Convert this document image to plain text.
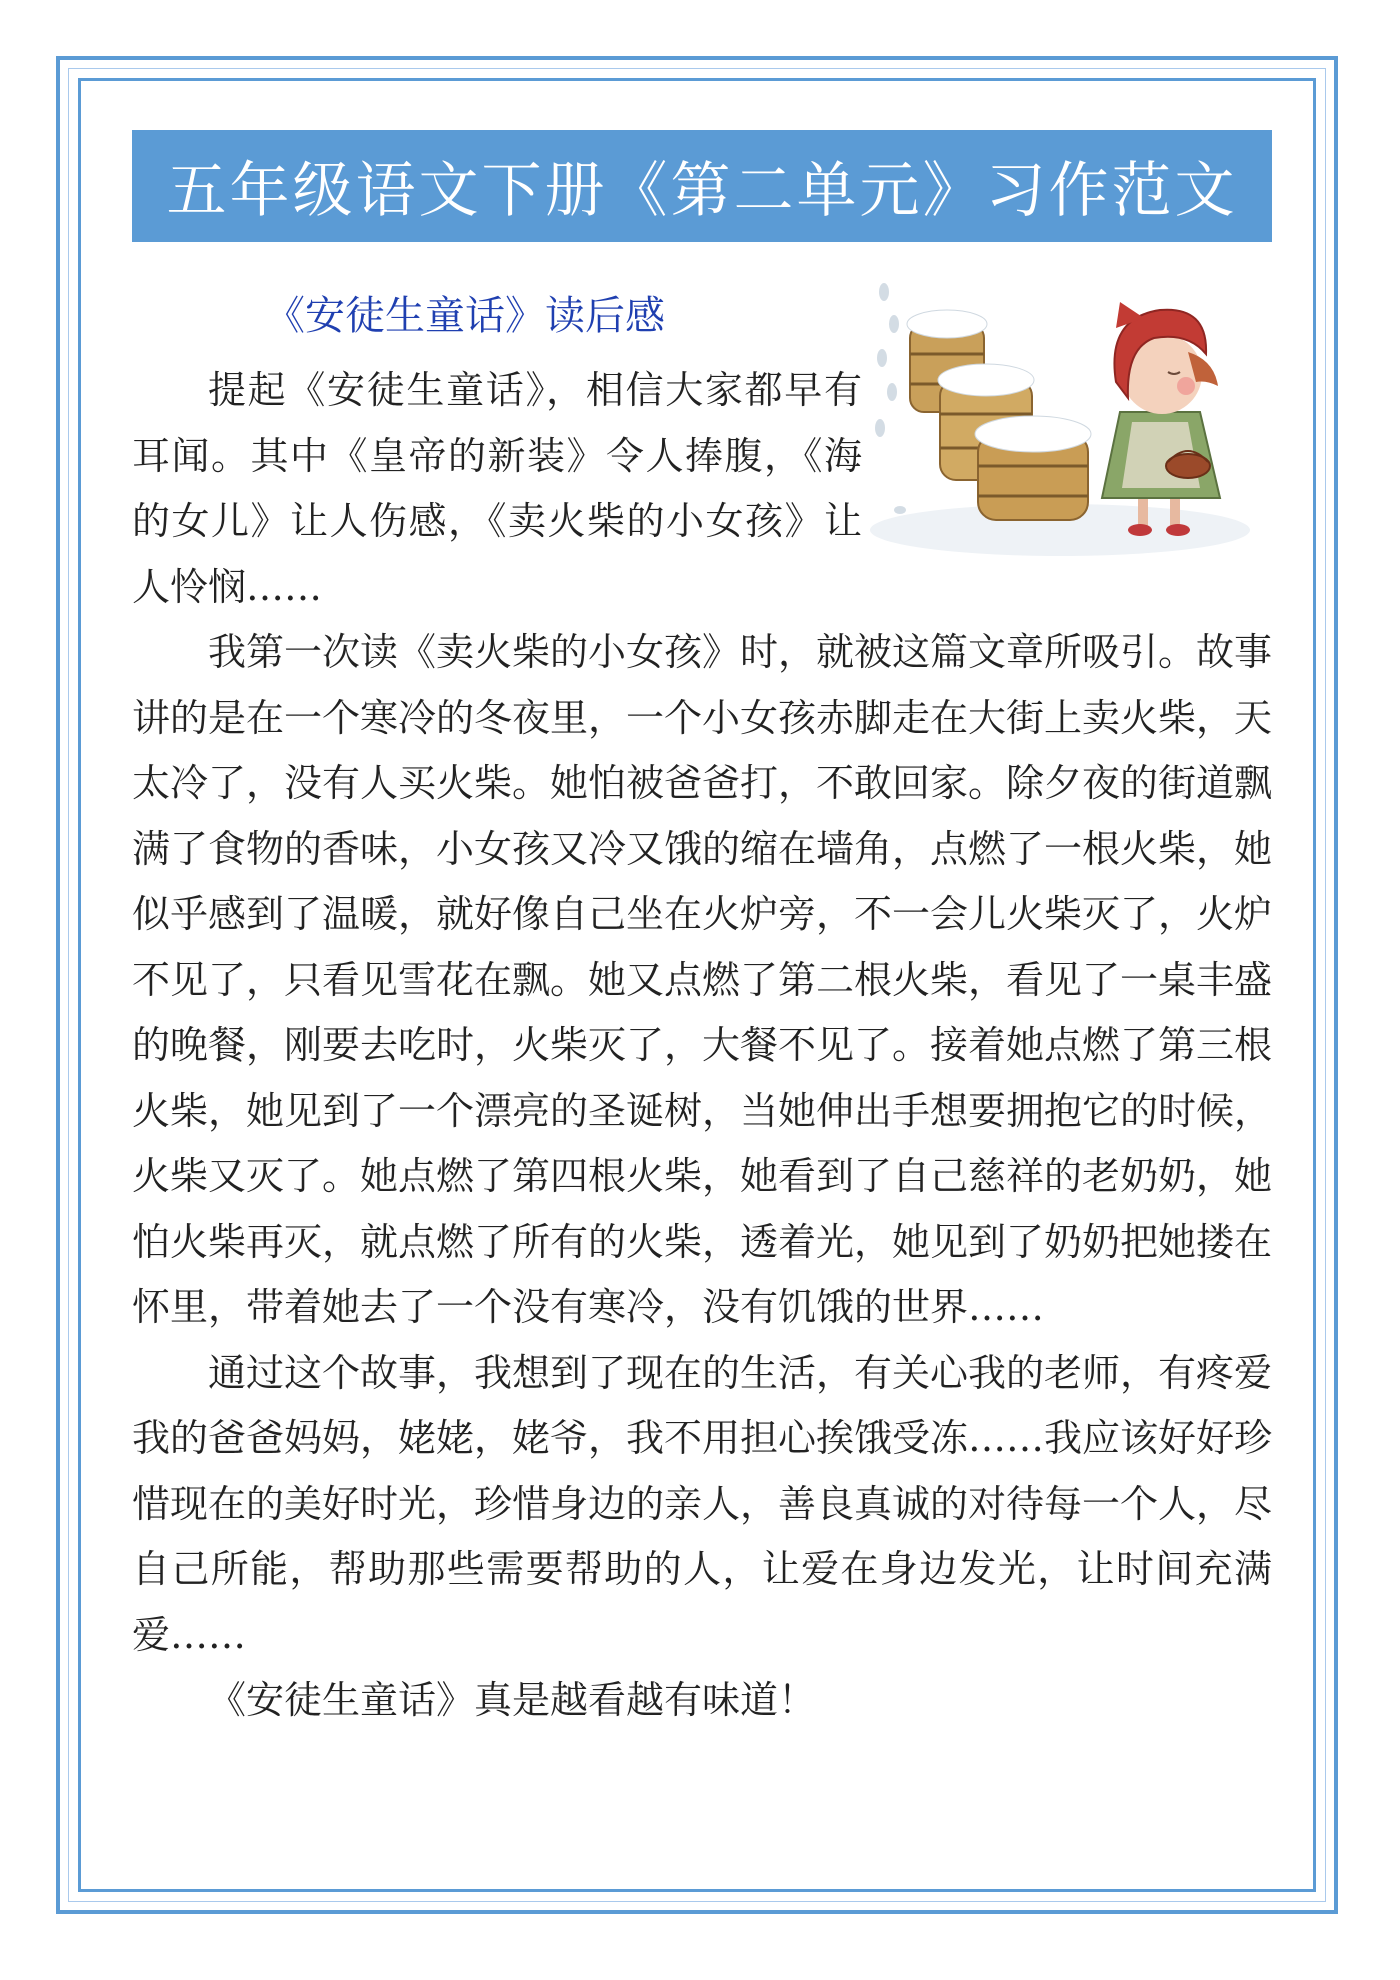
五年级语文下册《第二单元》习作范文
《安徒生童话》读后感

提起《安徒生童话》，相信大家都早有耳闻。其中《皇帝的新装》令人捧腹，《海的女儿》让人伤感，《卖火柴的小女孩》让人怜悯……

我第一次读《卖火柴的小女孩》时，就被这篇文章所吸引。故事讲的是在一个寒冷的冬夜里，一个小女孩赤脚走在大街上卖火柴，天太冷了，没有人买火柴。她怕被爸爸打，不敢回家。除夕夜的街道飘满了食物的香味，小女孩又冷又饿的缩在墙角，点燃了一根火柴，她似乎感到了温暖，就好像自己坐在火炉旁，不一会儿火柴灭了，火炉不见了，只看见雪花在飘。她又点燃了第二根火柴，看见了一桌丰盛的晚餐，刚要去吃时，火柴灭了，大餐不见了。接着她点燃了第三根火柴，她见到了一个漂亮的圣诞树，当她伸出手想要拥抱它的时候，火柴又灭了。她点燃了第四根火柴，她看到了自己慈祥的老奶奶，她怕火柴再灭，就点燃了所有的火柴，透着光，她见到了奶奶把她搂在怀里，带着她去了一个没有寒冷，没有饥饿的世界……

通过这个故事，我想到了现在的生活，有关心我的老师，有疼爱我的爸爸妈妈，姥姥，姥爷，我不用担心挨饿受冻……我应该好好珍惜现在的美好时光，珍惜身边的亲人，善良真诚的对待每一个人，尽自己所能，帮助那些需要帮助的人，让爱在身边发光，让时间充满爱……

《安徒生童话》真是越看越有味道！
